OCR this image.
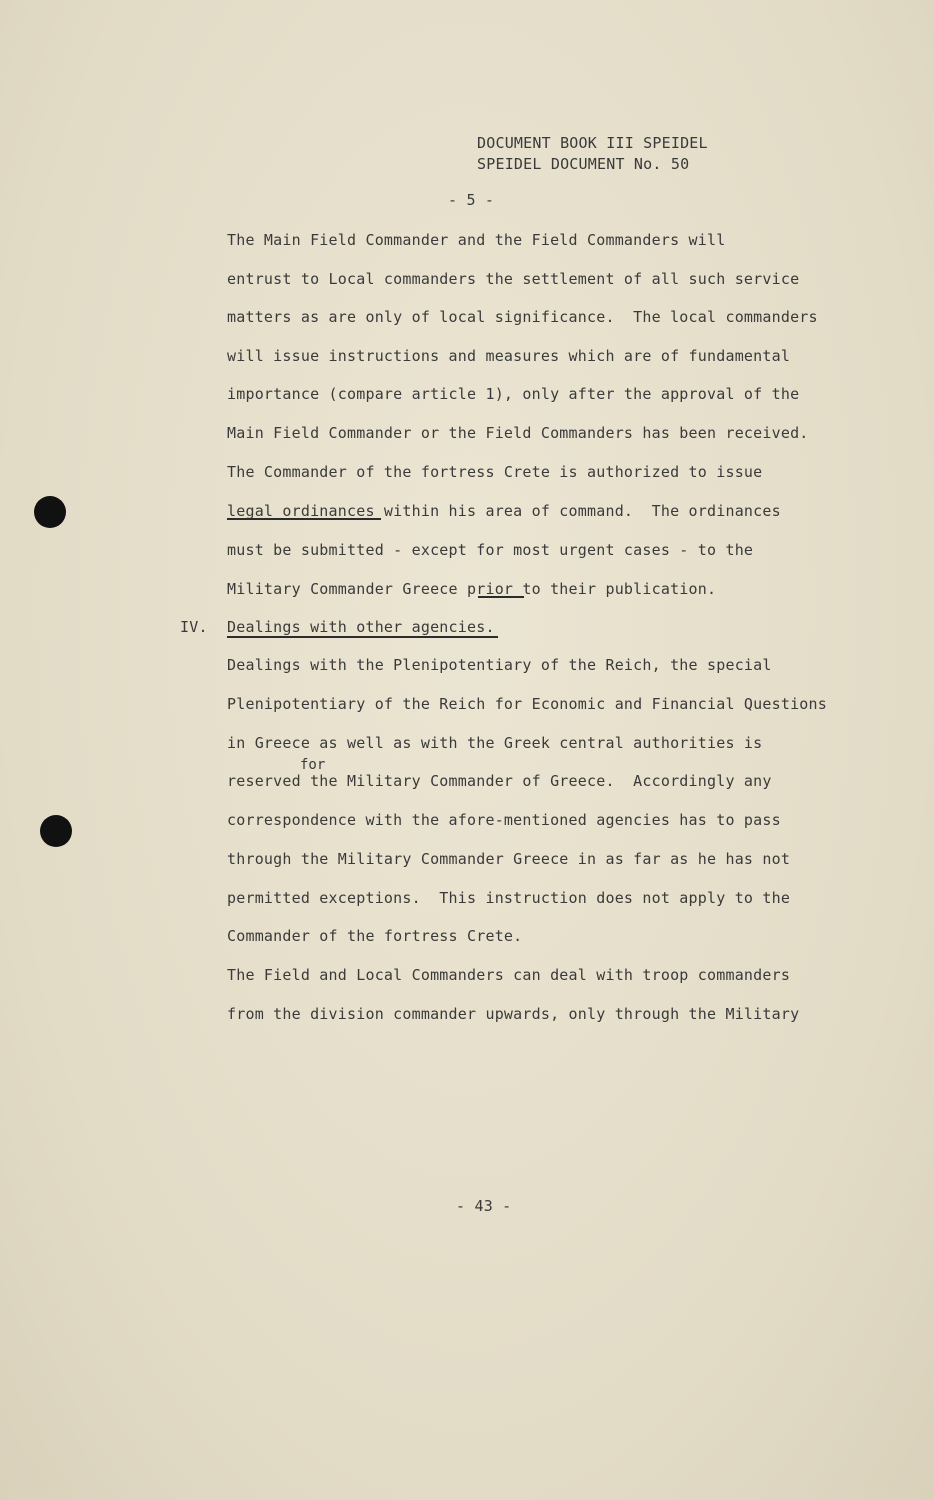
DOCUMENT BOOK III SPEIDEL
SPEIDEL DOCUMENT No. 50
- 5 -
The Main Field Commander and the Field Commanders will
entrust to Local commanders the settlement of all such service
matters as are only of local significance.  The local commanders
will issue instructions and measures which are of fundamental
importance (compare article 1), only after the approval of the
Main Field Commander or the Field Commanders has been received.
The Commander of the fortress Crete is authorized to issue
legal ordinances within his area of command.  The ordinances
must be submitted - except for most urgent cases - to the
Military Commander Greece prior to their publication.
IV. Dealings with other agencies.
Dealings with the Plenipotentiary of the Reich, the special
Plenipotentiary of the Reich for Economic and Financial Questions
in Greece as well as with the Greek central authorities is
for
reserved the Military Commander of Greece.  Accordingly any
correspondence with the afore-mentioned agencies has to pass
through the Military Commander Greece in as far as he has not
permitted exceptions.  This instruction does not apply to the
Commander of the fortress Crete.
The Field and Local Commanders can deal with troop commanders
from the division commander upwards, only through the Military
- 43 -
